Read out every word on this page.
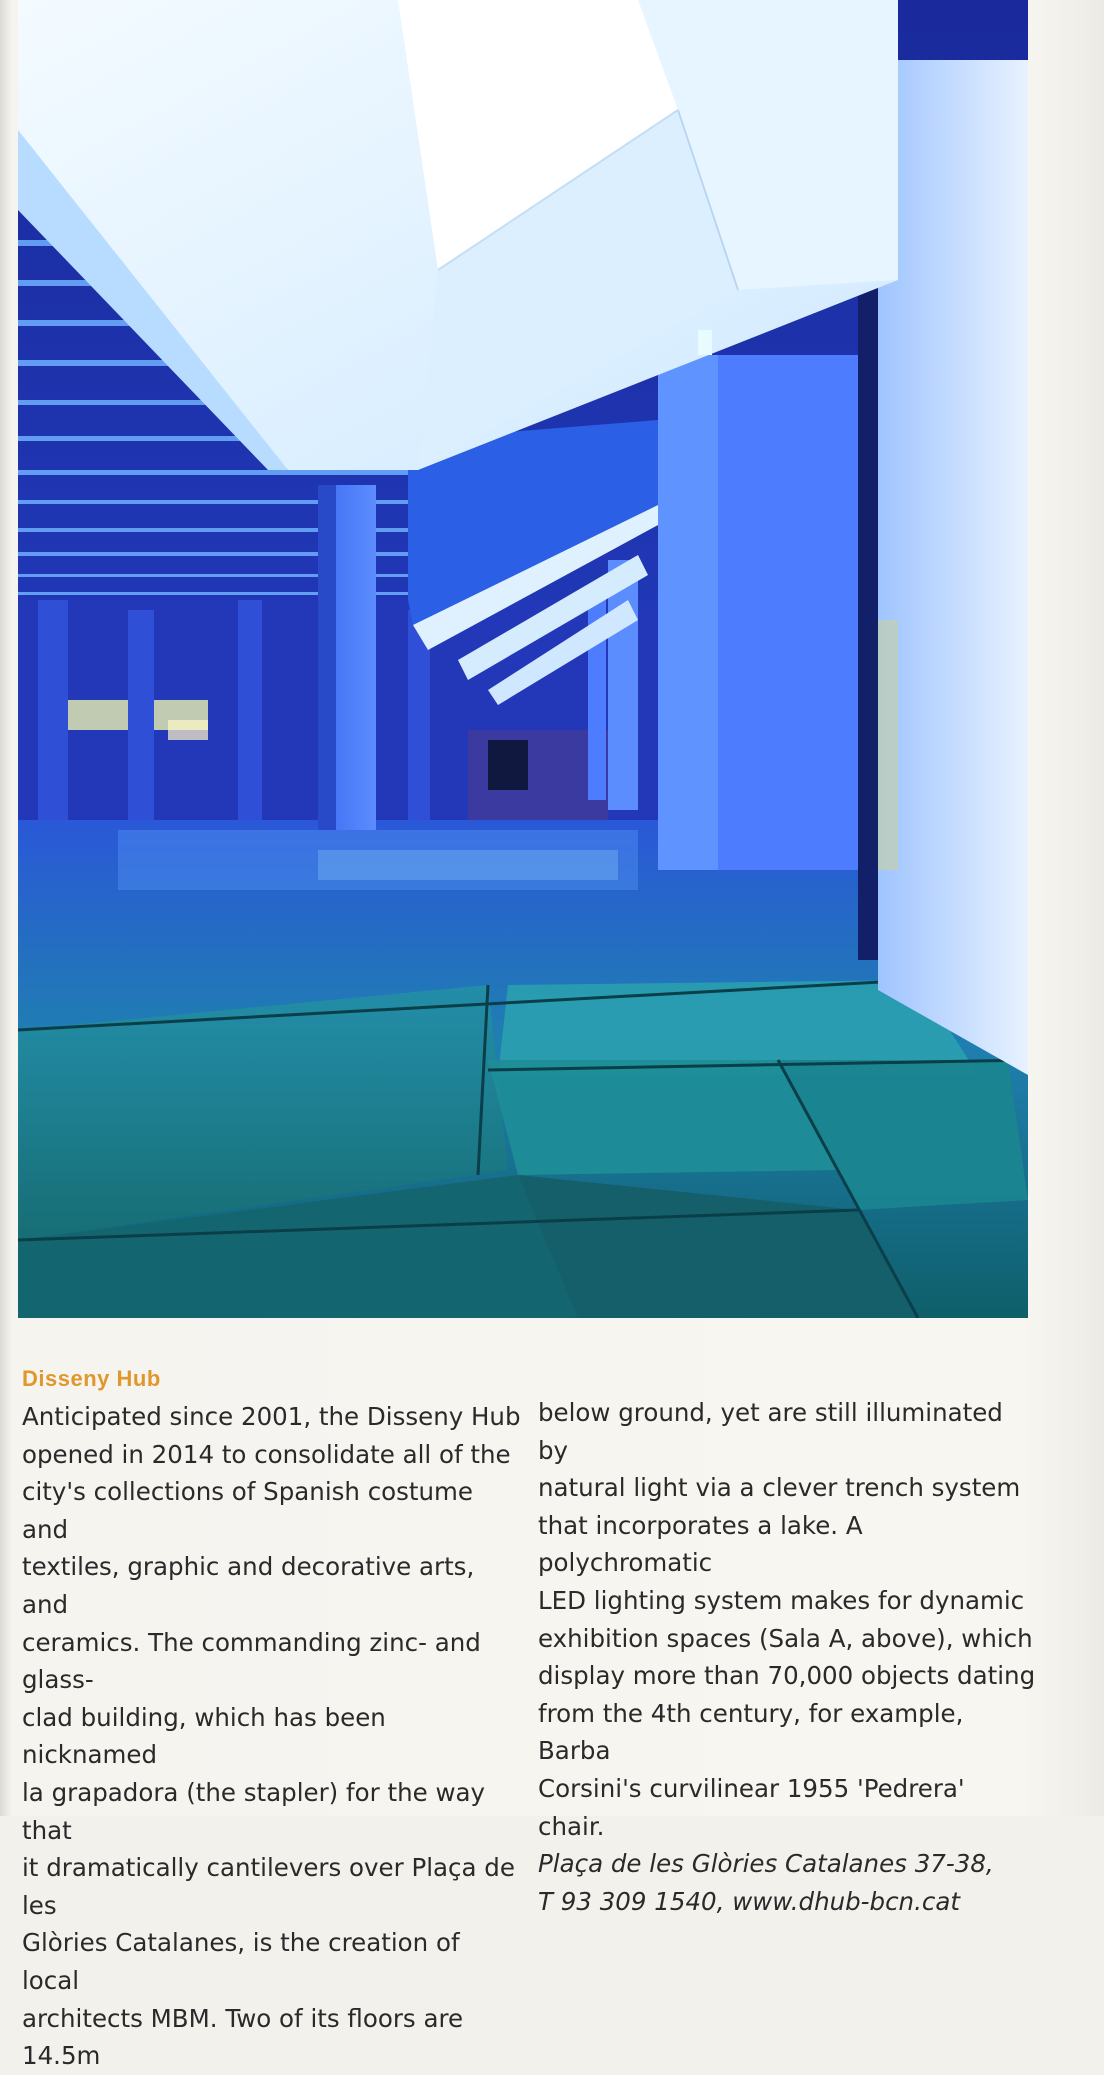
Disseny Hub

Anticipated since 2001, the Disseny Hub

opened in 2014 to consolidate all of the

city's collections of Spanish costume and

textiles, graphic and decorative arts, and

ceramics. The commanding zinc- and glass-

clad building, which has been nicknamed

la grapadora (the stapler) for the way that

it dramatically cantilevers over Plaça de les

Glòries Catalanes, is the creation of local

architects MBM. Two of its floors are 14.5m

below ground, yet are still illuminated by

natural light via a clever trench system

that incorporates a lake. A polychromatic

LED lighting system makes for dynamic

exhibition spaces (Sala A, above), which

display more than 70,000 objects dating

from the 4th century, for example, Barba

Corsini's curvilinear 1955 'Pedrera' chair.

Plaça de les Glòries Catalanes 37-38,

T 93 309 1540, www.dhub-bcn.cat
